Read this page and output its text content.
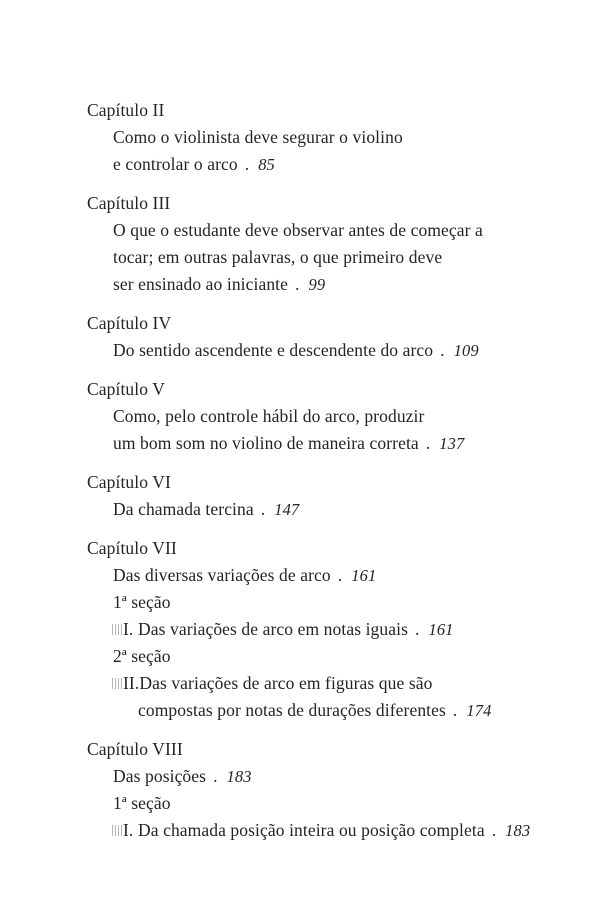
Capítulo II
Como o violinista deve segurar o violino
e controlar o arco . 85
Capítulo III
O que o estudante deve observar antes de começar a
tocar; em outras palavras, o que primeiro deve
ser ensinado ao iniciante . 99
Capítulo IV
Do sentido ascendente e descendente do arco . 109
Capítulo V
Como, pelo controle hábil do arco, produzir
um bom som no violino de maneira correta . 137
Capítulo VI
Da chamada tercina . 147
Capítulo VII
Das diversas variações de arco . 161
1ª seção
I. Das variações de arco em notas iguais . 161
2ª seção
II. Das variações de arco em figuras que são
compostas por notas de durações diferentes . 174
Capítulo VIII
Das posições . 183
1ª seção
I. Da chamada posição inteira ou posição completa . 183
